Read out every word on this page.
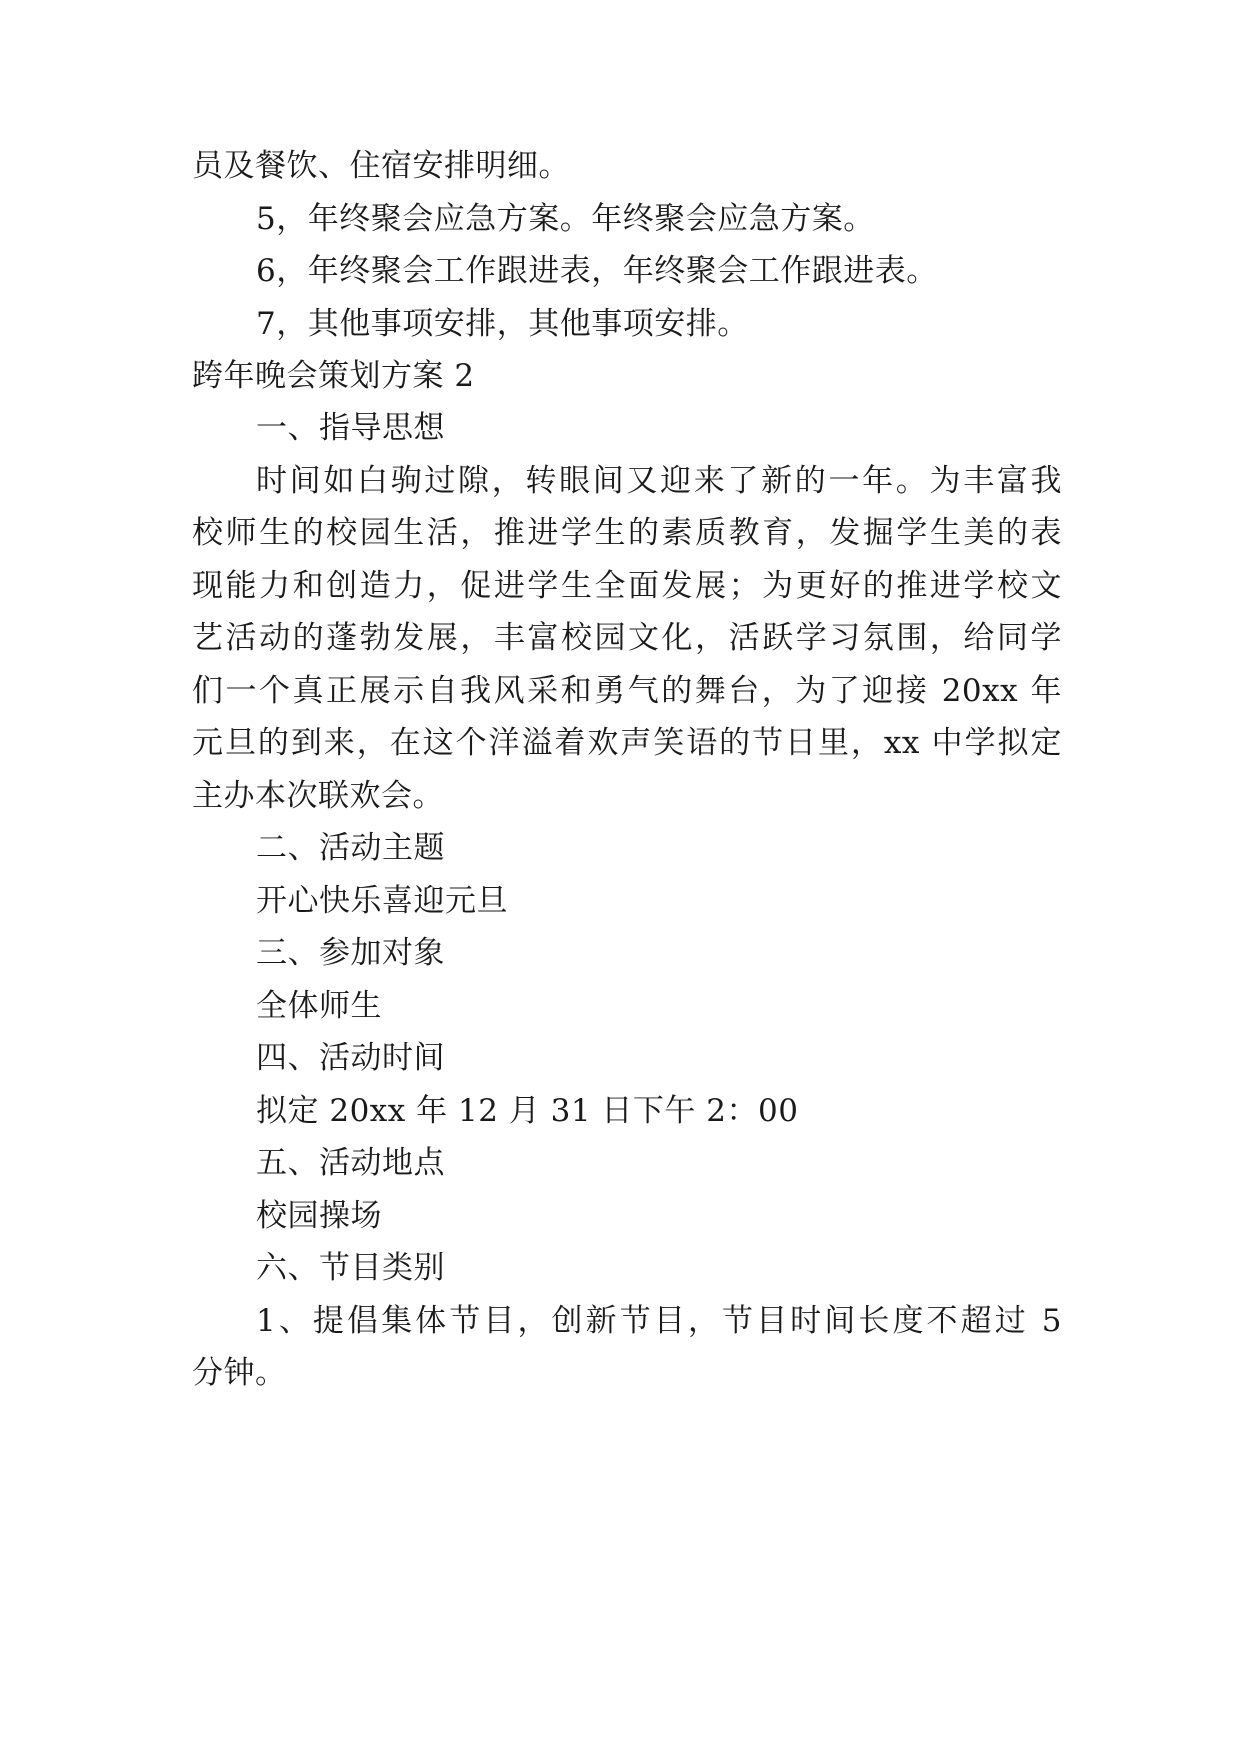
员及餐饮、住宿安排明细。
5，年终聚会应急方案。年终聚会应急方案。
6，年终聚会工作跟进表，年终聚会工作跟进表。
7，其他事项安排，其他事项安排。
跨年晚会策划方案 2
一、指导思想
时间如白驹过隙，转眼间又迎来了新的一年。为丰富我
校师生的校园生活，推进学生的素质教育，发掘学生美的表
现能力和创造力，促进学生全面发展；为更好的推进学校文
艺活动的蓬勃发展，丰富校园文化，活跃学习氛围，给同学
们一个真正展示自我风采和勇气的舞台，为了迎接 20xx 年
元旦的到来，在这个洋溢着欢声笑语的节日里，xx 中学拟定
主办本次联欢会。
二、活动主题
开心快乐喜迎元旦
三、参加对象
全体师生
四、活动时间
拟定 20xx 年 12 月 31 日下午 2：00
五、活动地点
校园操场
六、节目类别
1、提倡集体节目，创新节目，节目时间长度不超过 5
分钟。
